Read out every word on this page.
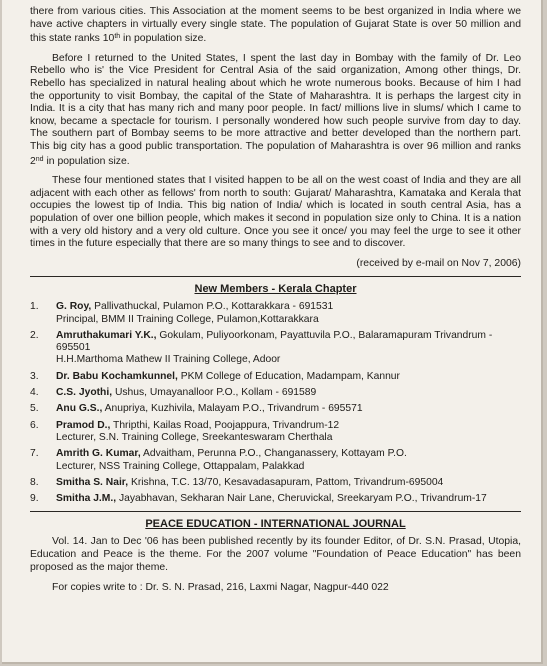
there from various cities. This Association at the moment seems to be best organized in India where we have active chapters in virtually every single state. The population of Gujarat State is over 50 million and this state ranks 10th in population size.

Before I returned to the United States, I spent the last day in Bombay with the family of Dr. Leo Rebello who is' the Vice President for Central Asia of the said organization, Among other things, Dr. Rebello has specialized in natural healing about which he wrote numerous books. Because of him I had the opportunity to visit Bombay, the capital of the State of Maharashtra. It is perhaps the largest city in India. It is a city that has many rich and many poor people. In fact/ millions live in slums/ which I came to know, became a spectacle for tourism. I personally wondered how such people survive from day to day. The southern part of Bombay seems to be more attractive and better developed than the northern part. This big city has a good public transportation. The population of Maharashtra is over 96 million and ranks 2nd in population size.

These four mentioned states that I visited happen to be all on the west coast of India and they are all adjacent with each other as fellows' from north to south: Gujarat/ Maharashtra, Kamataka and Kerala that occupies the lowest tip of India. This big nation of India/ which is located in south central Asia, has a population of over one billion people, which makes it second in population size only to China. It is a nation with a very old history and a very old culture. Once you see it once/ you may feel the urge to see it other times in the future especially that there are so many things to see and to discover.

(received by e-mail on Nov 7, 2006)

New Members - Kerala Chapter
1.	G. Roy, Pallivathuckal, Pulamon P.O., Kottarakkara - 691531
Principal, BMM II Training College, Pulamon,Kottarakkara
2.	Amruthakumari Y.K., Gokulam, Puliyoorkonam, Payattuvila P.O., Balaramapuram Trivandrum - 695501
H.H.Marthoma Mathew II Training College, Adoor
3.	Dr. Babu Kochamkunnel, PKM College of Education, Madampam, Kannur
4.	C.S. Jyothi, Ushus, Umayanalloor P.O., Kollam - 691589
5.	Anu G.S., Anupriya, Kuzhivila, Malayam P.O., Trivandrum - 695571
6.	Pramod D., Thripthi, Kailas Road, Poojappura, Trivandrum-12
Lecturer, S.N. Training College, Sreekanteswaram Cherthala
7.	Amrith G. Kumar, Advaitham, Perunna P.O., Changanassery, Kottayam P.O.
Lecturer, NSS Training College, Ottappalam, Palakkad
8.	Smitha S. Nair, Krishna, T.C. 13/70, Kesavadasapuram, Pattom, Trivandrum-695004
9.	Smitha J.M., Jayabhavan, Sekharan Nair Lane, Cheruvickal, Sreekaryam P.O., Trivandrum-17
PEACE EDUCATION - INTERNATIONAL JOURNAL

Vol. 14. Jan to Dec '06 has been published recently by its founder Editor, of Dr. S.N. Prasad, Utopia, Education and Peace is the theme. For the 2007 volume "Foundation of Peace Education" has been proposed as the major theme.

For copies write to : Dr. S. N. Prasad, 216, Laxmi Nagar, Nagpur-440 022
